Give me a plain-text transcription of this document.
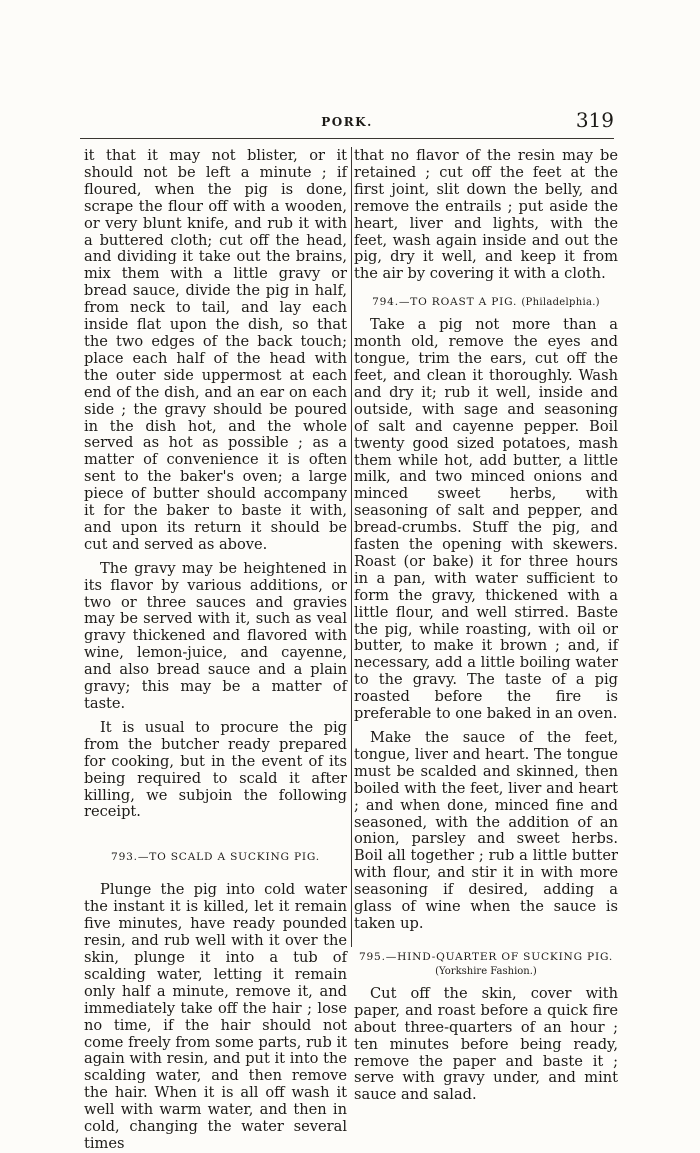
PORK.	319

it that it may not blister, or it should not be left a minute ; if floured, when the pig is done, scrape the flour off with a wooden, or very blunt knife, and rub it with a buttered cloth; cut off the head, and dividing it take out the brains, mix them with a little gravy or bread sauce, divide the pig in half, from neck to tail, and lay each inside flat upon the dish, so that the two edges of the back touch; place each half of the head with the outer side uppermost at each end of the dish, and an ear on each side ; the gravy should be poured in the dish hot, and the whole served as hot as possible ; as a matter of convenience it is often sent to the baker's oven; a large piece of butter should accompany it for the baker to baste it with, and upon its return it should be cut and served as above.

The gravy may be heightened in its flavor by various additions, or two or three sauces and gravies may be served with it, such as veal gravy thickened and flavored with wine, lemon-juice, and cayenne, and also bread sauce and a plain gravy; this may be a matter of taste.

It is usual to procure the pig from the butcher ready prepared for cooking, but in the event of its being required to scald it after killing, we subjoin the following receipt.

793.—TO SCALD A SUCKING PIG.

Plunge the pig into cold water the instant it is killed, let it remain five minutes, have ready pounded resin, and rub well with it over the skin, plunge it into a tub of scalding water, letting it remain only half a minute, remove it, and immediately take off the hair ; lose no time, if the hair should not come freely from some parts, rub it again with resin, and put it into the scalding water, and then remove the hair. When it is all off wash it well with warm water, and then in cold, changing the water several times

that no flavor of the resin may be retained ; cut off the feet at the first joint, slit down the belly, and remove the entrails ; put aside the heart, liver and lights, with the feet, wash again inside and out the pig, dry it well, and keep it from the air by covering it with a cloth.

794.—TO ROAST A PIG. (Philadelphia.)

Take a pig not more than a month old, remove the eyes and tongue, trim the ears, cut off the feet, and clean it thoroughly. Wash and dry it; rub it well, inside and outside, with sage and seasoning of salt and cayenne pepper. Boil twenty good sized potatoes, mash them while hot, add butter, a little milk, and two minced onions and minced sweet herbs, with seasoning of salt and pepper, and bread-crumbs. Stuff the pig, and fasten the opening with skewers. Roast (or bake) it for three hours in a pan, with water sufficient to form the gravy, thickened with a little flour, and well stirred. Baste the pig, while roasting, with oil or butter, to make it brown ; and, if necessary, add a little boiling water to the gravy. The taste of a pig roasted before the fire is preferable to one baked in an oven.

Make the sauce of the feet, tongue, liver and heart. The tongue must be scalded and skinned, then boiled with the feet, liver and heart ; and when done, minced fine and seasoned, with the addition of an onion, parsley and sweet herbs. Boil all together ; rub a little butter with flour, and stir it in with more seasoning if desired, adding a glass of wine when the sauce is taken up.

795.—HIND-QUARTER OF SUCKING PIG.
(Yorkshire Fashion.)

Cut off the skin, cover with paper, and roast before a quick fire about three-quarters of an hour ; ten minutes before being ready, remove the paper and baste it ; serve with gravy under, and mint sauce and salad.
